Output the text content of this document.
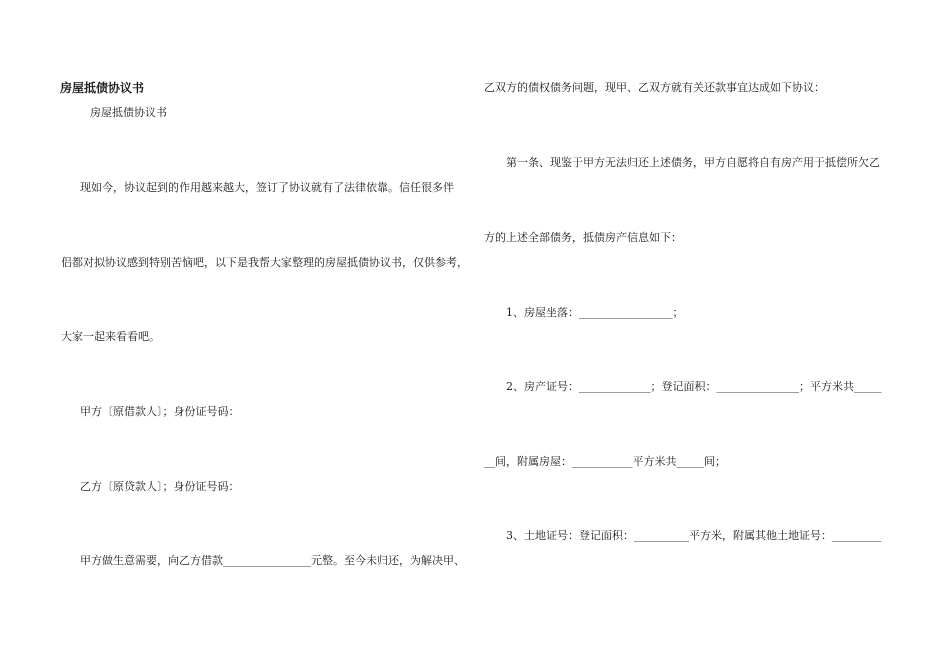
房屋抵债协议书
房屋抵债协议书
现如今，协议起到的作用越来越大，签订了协议就有了法律依靠。信任很多伴
侣都对拟协议感到特别苦恼吧，以下是我帮大家整理的房屋抵债协议书，仅供参考，
大家一起来看看吧。
甲方〔原借款人〕；身份证号码：
乙方〔原贷款人〕；身份证号码：
甲方做生意需要，向乙方借款________________元整。至今未归还，为解决甲、
乙双方的债权债务问题，现甲、乙双方就有关还款事宜达成如下协议：
第一条、现鉴于甲方无法归还上述债务，甲方自愿将自有房产用于抵偿所欠乙
方的上述全部债务，抵债房产信息如下：
1、房屋坐落：_________________；
2、房产证号：_____________；登记面积：_______________；平方米共_____
__间，附属房屋：___________平方米共_____间；
3、土地证号：登记面积：__________平方米，附属其他土地证号：_________
